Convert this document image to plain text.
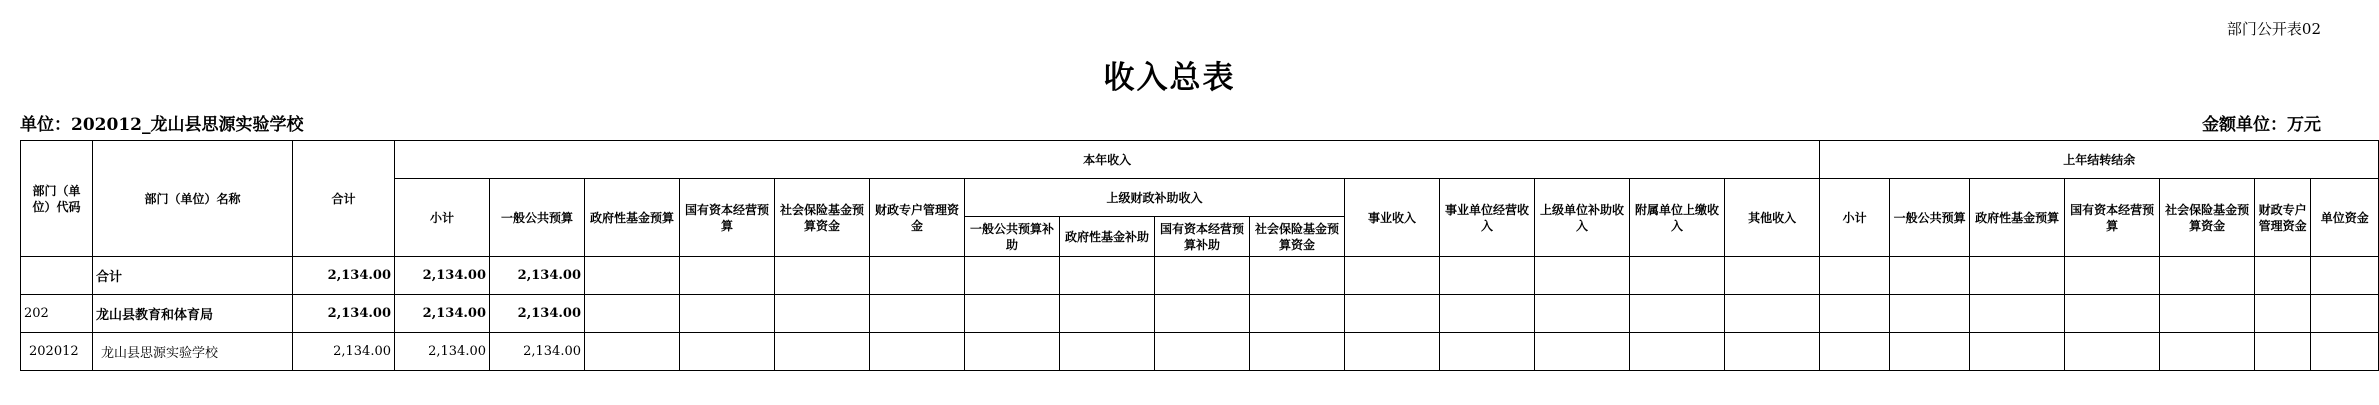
部门公开表02
收入总表
单位：202012_龙山县思源实验学校	金额单位：万元
部门（单位）代码	部门（单位）名称	合计	本年收入															上年结转结余						
			小计	一般公共预算	政府性基金预算	国有资本经营预算	社会保险基金预算资金	财政专户管理资金	上级财政补助收入				事业收入	事业单位经营收入	上级单位补助收入	附属单位上缴收入	其他收入	小计	一般公共预算	政府性基金预算	国有资本经营预算	社会保险基金预算资金	财政专户管理资金	单位资金
									一般公共预算补助	政府性基金补助	国有资本经营预算补助	社会保险基金预算资金												
	合计	2,134.00	2,134.00	2,134.00																				
202	龙山县教育和体育局	2,134.00	2,134.00	2,134.00																				
202012	龙山县思源实验学校	2,134.00	2,134.00	2,134.00																				
